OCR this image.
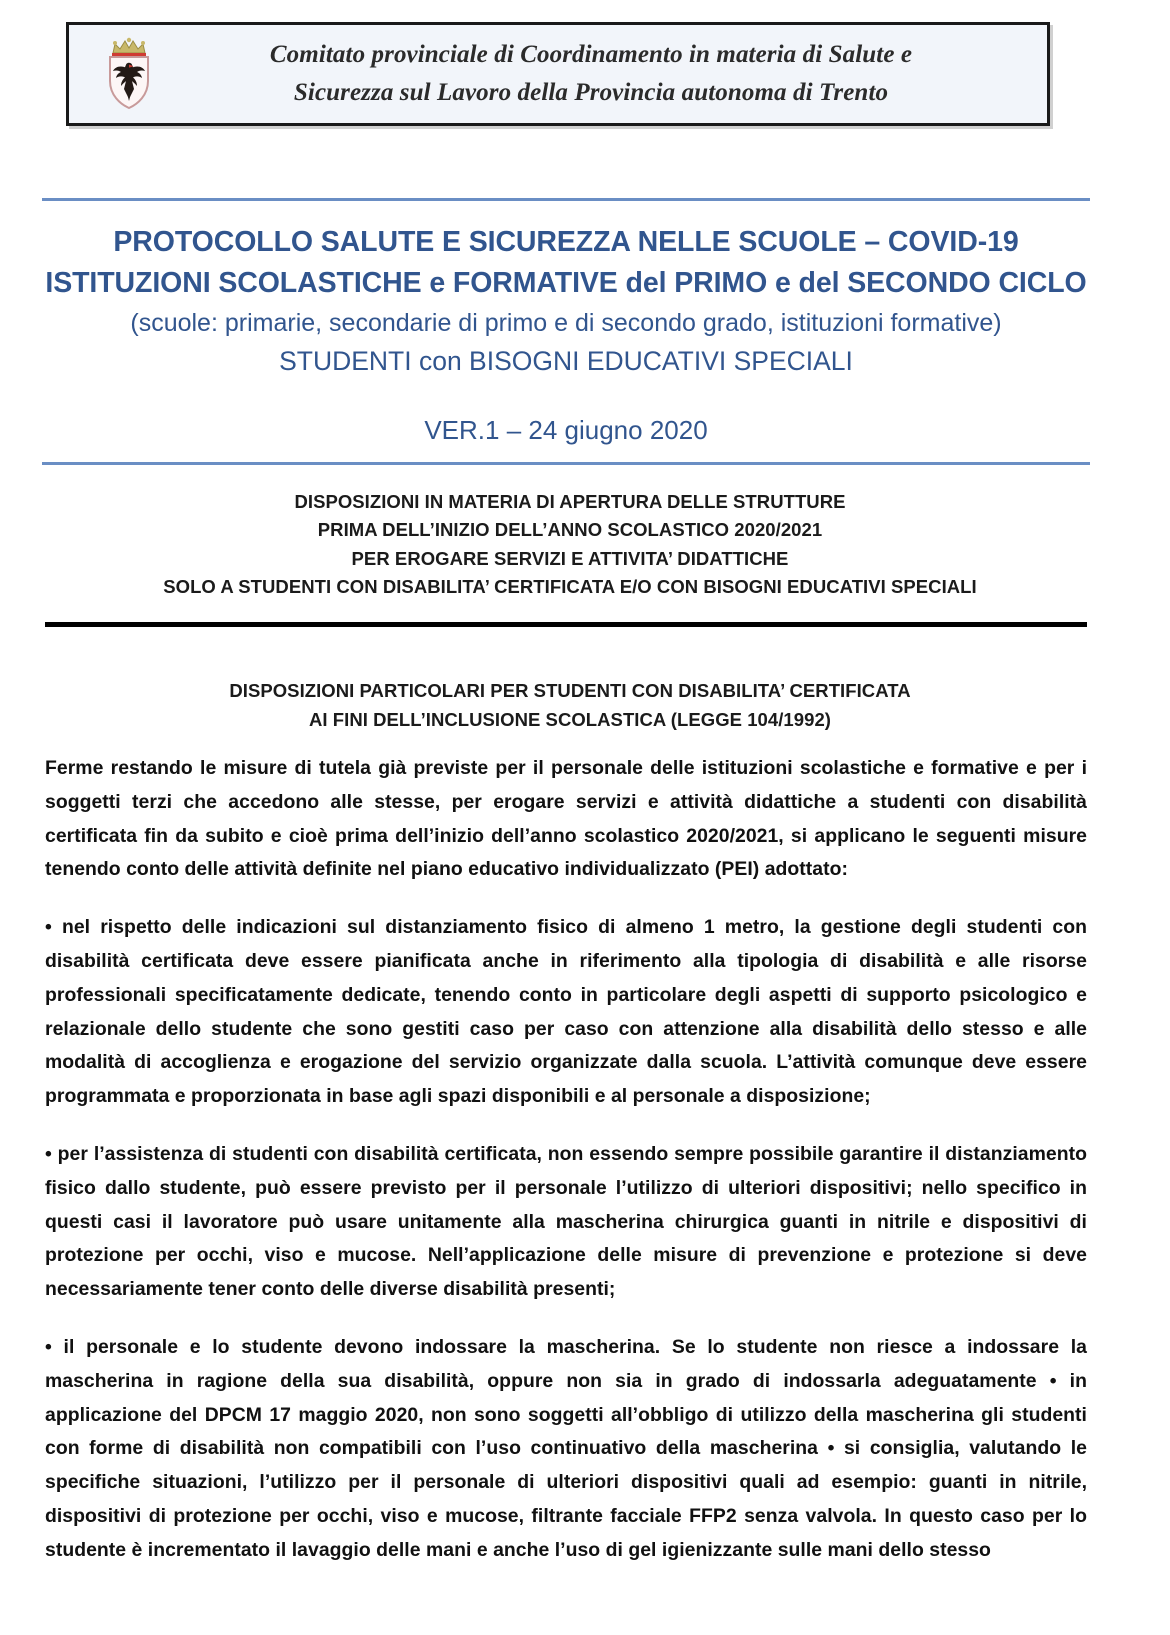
Comitato provinciale di Coordinamento in materia di Salute e
Sicurezza sul Lavoro della Provincia autonoma di Trento
PROTOCOLLO SALUTE E SICUREZZA NELLE SCUOLE – COVID-19
ISTITUZIONI SCOLASTICHE e FORMATIVE del PRIMO e del SECONDO CICLO
(scuole: primarie, secondarie di primo e di secondo grado, istituzioni formative)
STUDENTI con BISOGNI EDUCATIVI SPECIALI
VER.1 – 24 giugno 2020
DISPOSIZIONI IN MATERIA DI APERTURA DELLE STRUTTURE
PRIMA DELL’INIZIO DELL’ANNO SCOLASTICO 2020/2021
PER EROGARE SERVIZI E ATTIVITA’ DIDATTICHE
SOLO A STUDENTI CON DISABILITA’ CERTIFICATA E/O CON BISOGNI EDUCATIVI SPECIALI
DISPOSIZIONI PARTICOLARI PER STUDENTI CON DISABILITA’ CERTIFICATA
AI FINI DELL’INCLUSIONE SCOLASTICA (LEGGE 104/1992)

Ferme restando le misure di tutela già previste per il personale delle istituzioni scolastiche e formative e per i soggetti terzi che accedono alle stesse, per erogare servizi e attività didattiche a studenti con disabilità certificata fin da subito e cioè prima dell’inizio dell’anno scolastico 2020/2021, si applicano le seguenti misure tenendo conto delle attività definite nel piano educativo individualizzato (PEI) adottato:

• nel rispetto delle indicazioni sul distanziamento fisico di almeno 1 metro, la gestione degli studenti con disabilità certificata deve essere pianificata anche in riferimento alla tipologia di disabilità e alle risorse professionali specificatamente dedicate, tenendo conto in particolare degli aspetti di supporto psicologico e relazionale dello studente che sono gestiti caso per caso con attenzione alla disabilità dello stesso e alle modalità di accoglienza e erogazione del servizio organizzate dalla scuola. L’attività comunque deve essere programmata e proporzionata in base agli spazi disponibili e al personale a disposizione;

• per l’assistenza di studenti con disabilità certificata, non essendo sempre possibile garantire il distanziamento fisico dallo studente, può essere previsto per il personale l’utilizzo di ulteriori dispositivi; nello specifico in questi casi il lavoratore può usare unitamente alla mascherina chirurgica guanti in nitrile e dispositivi di protezione per occhi, viso e mucose. Nell’applicazione delle misure di prevenzione e protezione si deve necessariamente tener conto delle diverse disabilità presenti;

• il personale e lo studente devono indossare la mascherina. Se lo studente non riesce a indossare la mascherina in ragione della sua disabilità, oppure non sia in grado di indossarla adeguatamente • in applicazione del DPCM 17 maggio 2020, non sono soggetti all’obbligo di utilizzo della mascherina gli studenti con forme di disabilità non compatibili con l’uso continuativo della mascherina • si consiglia, valutando le specifiche situazioni, l’utilizzo per il personale di ulteriori dispositivi quali ad esempio: guanti in nitrile, dispositivi di protezione per occhi, viso e mucose, filtrante facciale FFP2 senza valvola. In questo caso per lo studente è incrementato il lavaggio delle mani e anche l’uso di gel igienizzante sulle mani dello stesso
